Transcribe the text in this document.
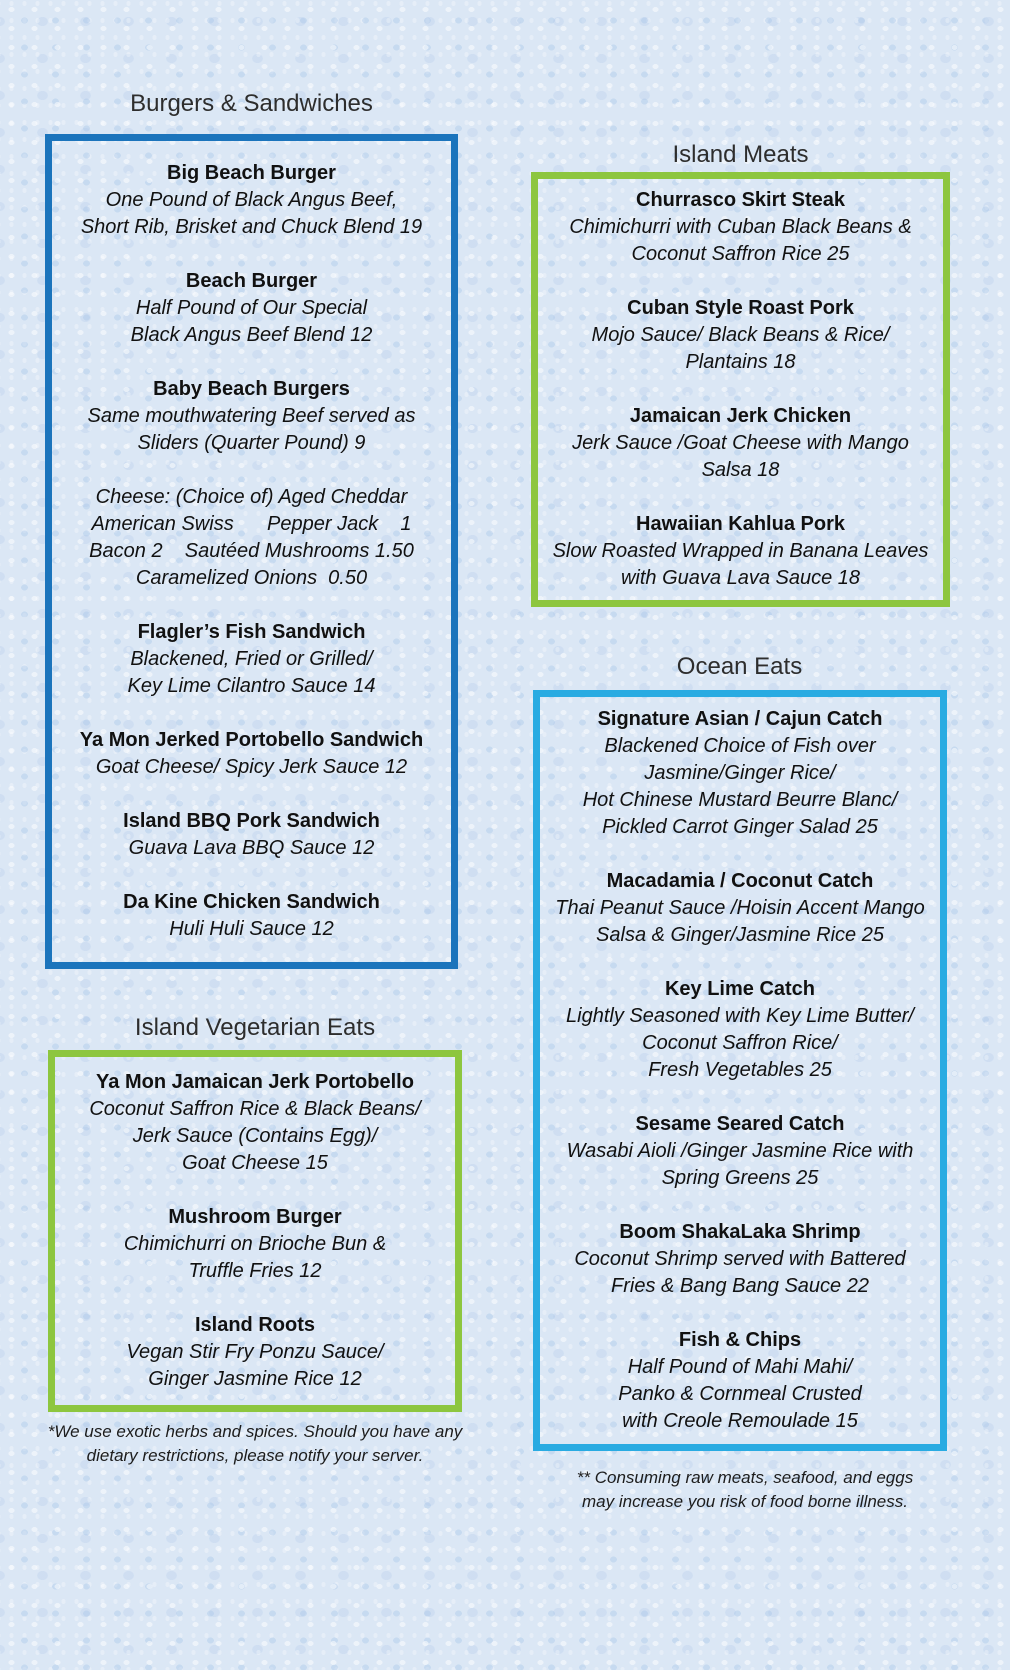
Burgers & Sandwiches
Big Beach Burger
One Pound of Black Angus Beef,
Short Rib, Brisket and Chuck Blend 19
Beach Burger
Half Pound of Our Special
Black Angus Beef Blend 12
Baby Beach Burgers
Same mouthwatering Beef served as
Sliders (Quarter Pound) 9
Cheese: (Choice of) Aged Cheddar
American Swiss      Pepper Jack    1
Bacon 2    Sautéed Mushrooms 1.50
Caramelized Onions  0.50
Flagler’s Fish Sandwich
Blackened, Fried or Grilled/
Key Lime Cilantro Sauce 14
Ya Mon Jerked Portobello Sandwich
Goat Cheese/ Spicy Jerk Sauce 12
Island BBQ Pork Sandwich
Guava Lava BBQ Sauce 12
Da Kine Chicken Sandwich
Huli Huli Sauce 12
Island Vegetarian Eats
Ya Mon Jamaican Jerk Portobello
Coconut Saffron Rice & Black Beans/
Jerk Sauce (Contains Egg)/
Goat Cheese 15
Mushroom Burger
Chimichurri on Brioche Bun &
Truffle Fries 12
Island Roots
Vegan Stir Fry Ponzu Sauce/
Ginger Jasmine Rice 12

*We use exotic herbs and spices. Should you have any
dietary restrictions, please notify your server.

Island Meats
Churrasco Skirt Steak
Chimichurri with Cuban Black Beans &
Coconut Saffron Rice 25
Cuban Style Roast Pork
Mojo Sauce/ Black Beans & Rice/
Plantains 18
Jamaican Jerk Chicken
Jerk Sauce /Goat Cheese with Mango
Salsa 18
Hawaiian Kahlua Pork
Slow Roasted Wrapped in Banana Leaves
with Guava Lava Sauce 18
Ocean Eats
Signature Asian / Cajun Catch
Blackened Choice of Fish over
Jasmine/Ginger Rice/
Hot Chinese Mustard Beurre Blanc/
Pickled Carrot Ginger Salad 25
Macadamia / Coconut Catch
Thai Peanut Sauce /Hoisin Accent Mango
Salsa & Ginger/Jasmine Rice 25
Key Lime Catch
Lightly Seasoned with Key Lime Butter/
Coconut Saffron Rice/
Fresh Vegetables 25
Sesame Seared Catch
Wasabi Aioli /Ginger Jasmine Rice with
Spring Greens 25
Boom ShakaLaka Shrimp
Coconut Shrimp served with Battered
Fries & Bang Bang Sauce 22
Fish & Chips
Half Pound of Mahi Mahi/
Panko & Cornmeal Crusted
with Creole Remoulade 15

** Consuming raw meats, seafood, and eggs
may increase you risk of food borne illness.
